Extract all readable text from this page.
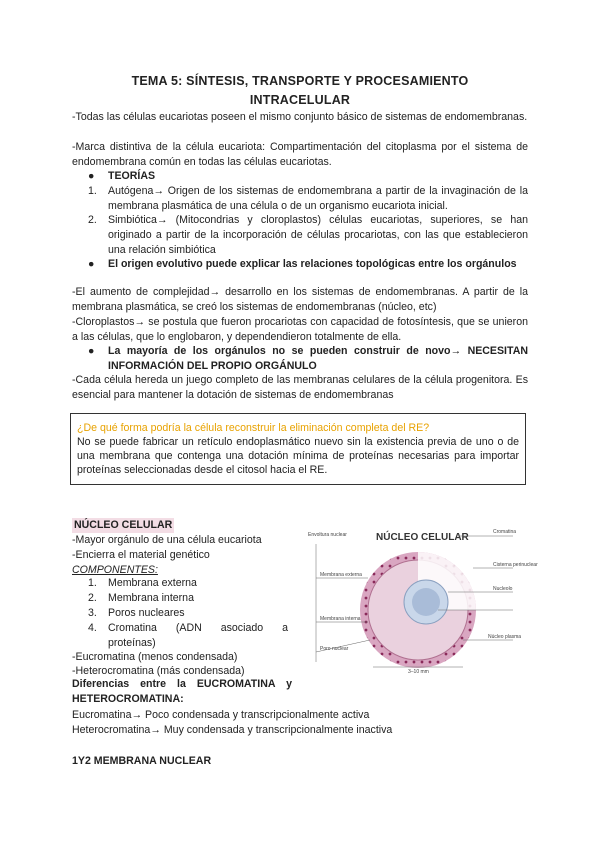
TEMA 5: SÍNTESIS, TRANSPORTE Y PROCESAMIENTO
INTRACELULAR
-Todas las células eucariotas poseen el mismo conjunto básico de sistemas de endomembranas.
-Marca distintiva de la célula eucariota: Compartimentación del citoplasma por el sistema de endomembrana común en todas las células eucariotas.
● TEORÍAS
1. Autógena→ Origen de los sistemas de endomembrana a partir de la invaginación de la membrana plasmática de una célula o de un organismo eucariota inicial.
2. Simbiótica→ (Mitocondrias y cloroplastos) células eucariotas, superiores, se han originado a partir de la incorporación de células procariotas, con las que establecieron una relación simbiótica
● El origen evolutivo puede explicar las relaciones topológicas entre los orgánulos
-El aumento de complejidad→ desarrollo en los sistemas de endomembranas. A partir de la membrana plasmática, se creó los sistemas de endomembranas (núcleo, etc)
-Cloroplastos→ se postula que fueron procariotas con capacidad de fotosíntesis, que se unieron a las células, que lo englobaron, y dependendieron totalmente de ella.
● La mayoría de los orgánulos no se pueden construir de novo→ NECESITAN INFORMACIÓN DEL PROPIO ORGÁNULO
-Cada célula hereda un juego completo de las membranas celulares de la célula progenitora. Es esencial para mantener la dotación de sistemas de endomembranas
¿De qué forma podría la célula reconstruir la eliminación completa del RE?
No se puede fabricar un retículo endoplasmático nuevo sin la existencia previa de uno o de una membrana que contenga una dotación mínima de proteínas necesarias para importar proteínas seleccionadas desde el citosol hacia el RE.
NÚCLEO CELULAR
-Mayor orgánulo de una célula eucariota
-Encierra el material genético
COMPONENTES:
1. Membrana externa
2. Membrana interna
3. Poros nucleares
4. Cromatina (ADN asociado a proteínas)
-Eucromatina (menos condensada)
-Heterocromatina (más condensada)
Diferencias entre la EUCROMATINA y HETEROCROMATINA:
Eucromatina→ Poco condensada y transcripcionalmente activa
Heterocromatina→ Muy condensada y transcripcionalmente inactiva
1Y2 MEMBRANA NUCLEAR
NÚCLEO CELULAR
Envoltura nuclear
Membrana externa
Membrana interna
Poro nuclear
Cromatina
Cisterna perinuclear
Nucleolo
Núcleo plasma
3–10 mm
